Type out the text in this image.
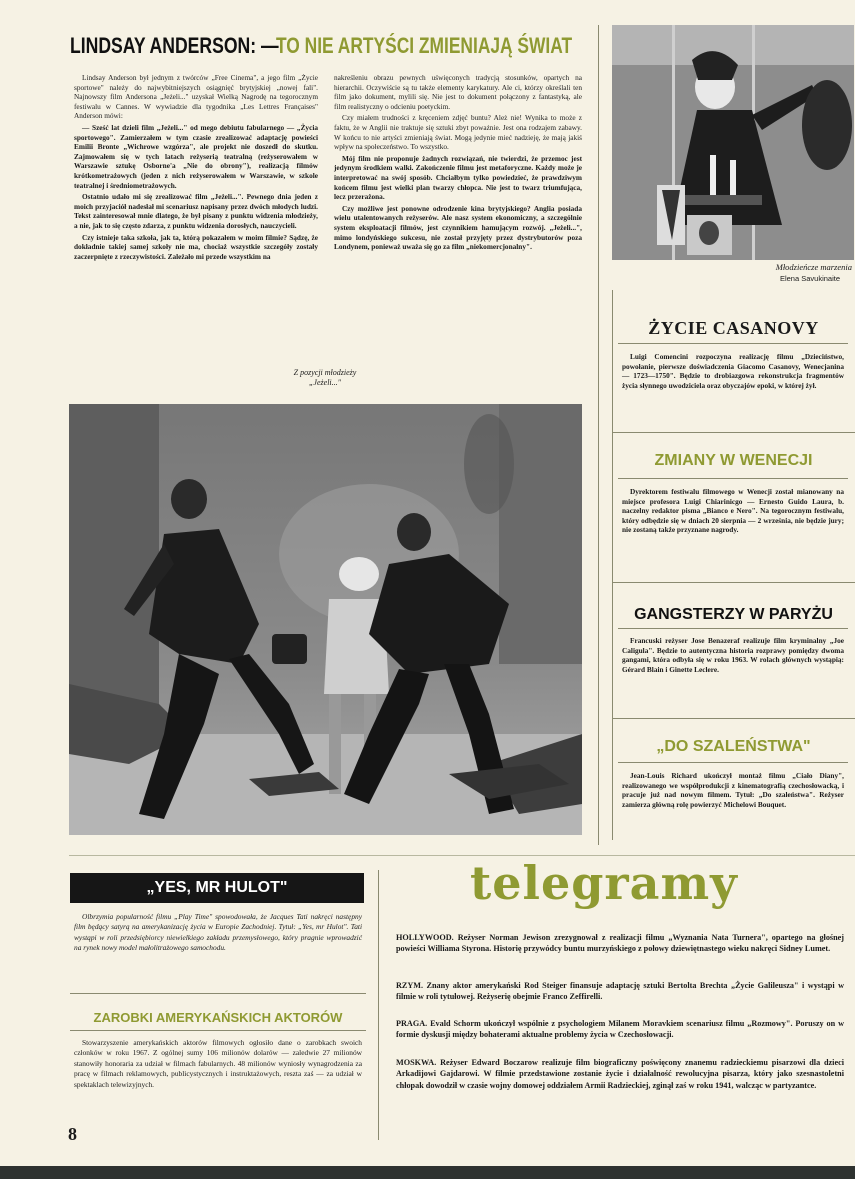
LINDSAY ANDERSON: —
TO NIE ARTYŚCI ZMIENIAJĄ ŚWIAT

Lindsay Anderson był jednym z twórców „Free Cinema", a jego film „Życie sportowe" należy do najwybitniejszych osiągnięć brytyjskiej „nowej fali". Najnowszy film Andersona „Jeżeli..." uzyskał Wielką Nagrodę na tegorocznym festiwalu w Cannes. W wywiadzie dla tygodnika „Les Lettres Françaises" Anderson mówi:

— Sześć lat dzieli film „Jeżeli..." od mego debiutu fabularnego — „Życia sportowego". Zamierzałem w tym czasie zrealizować adaptację powieści Emilii Bronte „Wichrowe wzgórza", ale projekt nie doszedł do skutku. Zajmowałem się w tych latach reżyserią teatralną (reżyserowałem w Warszawie sztukę Osborne'a „Nie do obrony"), realizacją filmów krótkometrażowych (jeden z nich reżyserowałem w Warszawie, w szkole teatralnej i średniometrażowych.

Ostatnio udało mi się zrealizować film „Jeżeli...". Pewnego dnia jeden z moich przyjaciół nadesłał mi scenariusz napisany przez dwóch młodych ludzi. Tekst zainteresował mnie dlatego, że był pisany z punktu widzenia młodzieży, a nie, jak to się często zdarza, z punktu widzenia dorosłych, nauczycieli.

Czy istnieje taka szkoła, jak ta, którą pokazałem w moim filmie? Sądzę, że dokładnie takiej samej szkoły nie ma, chociaż wszystkie szczegóły zostały zaczerpnięte z rzeczywistości. Zależało mi przede wszystkim na

nakreśleniu obrazu pewnych uświęconych tradycją stosunków, opartych na hierarchii. Oczywiście są tu także elementy karykatury. Ale ci, którzy określali ten film jako dokument, mylili się. Nie jest to dokument połączony z fantastyką, ale film realistyczny o odcieniu poetyckim.

Czy miałem trudności z kręceniem zdjęć buntu? Ależ nie! Wynika to może z faktu, że w Anglii nie traktuje się sztuki zbyt poważnie. Jest ona rodzajem zabawy. W końcu to nie artyści zmieniają świat. Mogą jedynie mieć nadzieję, że mają jakiś wpływ na społeczeństwo. To wszystko.

Mój film nie proponuje żadnych rozwiązań, nie twierdzi, że przemoc jest jedynym środkiem walki. Zakończenie filmu jest metaforyczne. Każdy może je interpretować na swój sposób. Chciałbym tylko powiedzieć, że prawdziwym końcem filmu jest wielki plan twarzy chłopca. Nie jest to twarz triumfująca, lecz przerażona.

Czy możliwe jest ponowne odrodzenie kina brytyjskiego? Anglia posiada wielu utalentowanych reżyserów. Ale nasz system ekonomiczny, a szczególnie system eksploatacji filmów, jest czynnikiem hamującym rozwój. „Jeżeli...", mimo londyńskiego sukcesu, nie został przyjęty przez dystrybutorów poza Londynem, ponieważ uważa się go za film „niekomercjonalny".

Z pozycji młodzieży
„Jeżeli..."
Młodzieńcze marzenia
Elena Savukinaite
ŻYCIE CASANOVY
Luigi Comencini rozpoczyna realizację filmu „Dzieciństwo, powołanie, pierwsze doświadczenia Giacomo Casanovy, Wenecjanina — 1723—1750". Będzie to drobiazgowa rekonstrukcja fragmentów życia słynnego uwodziciela oraz obyczajów epoki, w której żył.
ZMIANY W WENECJI
Dyrektorem festiwalu filmowego w Wenecji został mianowany na miejsce profesora Luigi Chiarinicgo — Ernesto Guido Laura, b. naczelny redaktor pisma „Bianco e Nero". Na tegorocznym festiwalu, który odbędzie się w dniach 20 sierpnia — 2 września, nie będzie jury; nie zostaną także przyznane nagrody.
GANGSTERZY W PARYŻU
Francuski reżyser Jose Benazeraf realizuje film kryminalny „Joe Caligula". Będzie to autentyczna historia rozprawy pomiędzy dwoma gangami, która odbyła się w roku 1963. W rolach głównych wystąpią: Gérard Blain i Ginette Leclere.
„DO SZALEŃSTWA"
Jean-Louis Richard ukończył montaż filmu „Ciało Diany", realizowanego we współprodukcji z kinematografią czechosłowacką, i pracuje już nad nowym filmem. Tytuł: „Do szaleństwa". Reżyser zamierza główną rolę powierzyć Michelowi Bouquet.
„YES, MR HULOT"
Olbrzymia popularność filmu „Play Time" spowodowała, że Jacques Tati nakręci następny film będący satyrą na amerykanizację życia w Europie Zachodniej. Tytuł: „Yes, mr Hulot". Tati wystąpi w roli przedsiębiorcy niewielkiego zakładu przemysłowego, który pragnie wprowadzić na rynek nowy model małolitrażowego samochodu.
ZAROBKI AMERYKAŃSKICH AKTORÓW
Stowarzyszenie amerykańskich aktorów filmowych ogłosiło dane o zarobkach swoich członków w roku 1967. Z ogólnej sumy 106 milionów dolarów — zaledwie 27 milionów stanowiły honoraria za udział w filmach fabularnych. 48 milionów wyniosły wynagrodzenia za pracę w filmach reklamowych, publicystycznych i instruktażowych, reszta zaś — za udział w spektaklach telewizyjnych.
telegramy
HOLLYWOOD. Reżyser Norman Jewison zrezygnował z realizacji filmu „Wyznania Nata Turnera", opartego na głośnej powieści Williama Styrona. Historię przywódcy buntu murzyńskiego z połowy dziewiętnastego wieku nakręci Sidney Lumet.
RZYM. Znany aktor amerykański Rod Steiger finansuje adaptację sztuki Bertolta Brechta „Życie Galileusza" i wystąpi w filmie w roli tytułowej. Reżyserię obejmie Franco Zeffirelli.
PRAGA. Evald Schorm ukończył wspólnie z psychologiem Milanem Moravkiem scenariusz filmu „Rozmowy". Poruszy on w formie dyskusji między bohaterami aktualne problemy życia w Czechosłowacji.
MOSKWA. Reżyser Edward Boczarow realizuje film biograficzny poświęcony znanemu radzieckiemu pisarzowi dla dzieci Arkadijowi Gajdarowi. W filmie przedstawione zostanie życie i działalność rewolucyjna pisarza, który jako szesnastoletni chłopak dowodził w czasie wojny domowej oddziałem Armii Radzieckiej, zginął zaś w roku 1941, walcząc w partyzantce.
8
